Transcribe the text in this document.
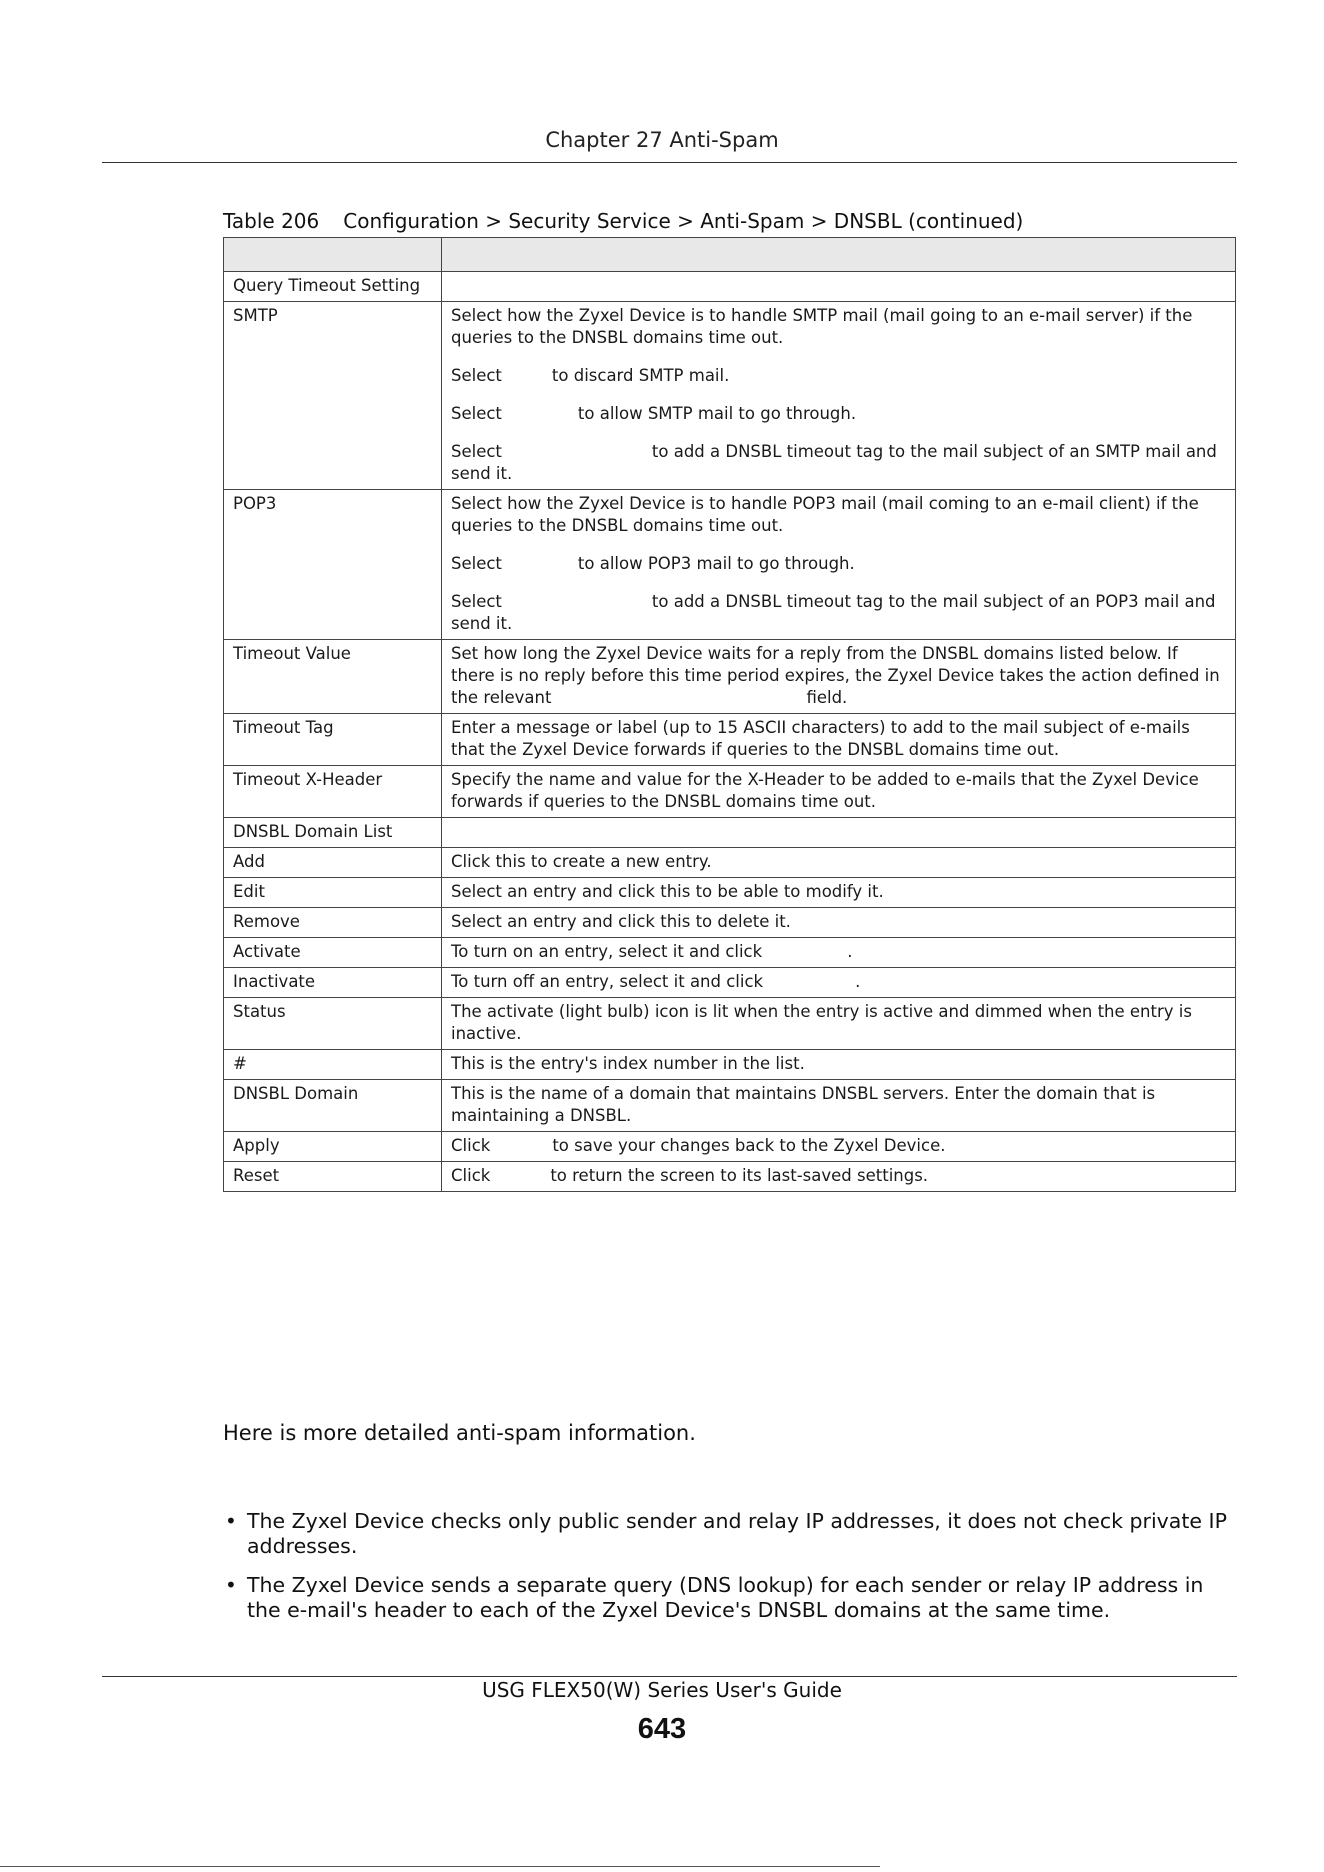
Chapter 27 Anti-Spam
Table 206 Configuration > Security Service > Anti-Spam > DNSBL (continued)

Query Timeout Setting	
SMTP	Select how the Zyxel Device is to handle SMTP mail (mail going to an e-mail server) if the queries to the DNSBL domains time out.

Select to discard SMTP mail.

Select to allow SMTP mail to go through.

Select to add a DNSBL timeout tag to the mail subject of an SMTP mail and send it.

POP3	Select how the Zyxel Device is to handle POP3 mail (mail coming to an e-mail client) if the queries to the DNSBL domains time out.

Select to allow POP3 mail to go through.

Select to add a DNSBL timeout tag to the mail subject of an POP3 mail and send it.

Timeout Value	Set how long the Zyxel Device waits for a reply from the DNSBL domains listed below. If there is no reply before this time period expires, the Zyxel Device takes the action defined in the relevant field.

Timeout Tag	Enter a message or label (up to 15 ASCII characters) to add to the mail subject of e-mails that the Zyxel Device forwards if queries to the DNSBL domains time out.

Timeout X-Header	Specify the name and value for the X-Header to be added to e-mails that the Zyxel Device forwards if queries to the DNSBL domains time out.

DNSBL Domain List	
Add	Click this to create a new entry.

Edit	Select an entry and click this to be able to modify it.

Remove	Select an entry and click this to delete it.

Activate	To turn on an entry, select it and click .

Inactivate	To turn off an entry, select it and click .

Status	The activate (light bulb) icon is lit when the entry is active and dimmed when the entry is inactive.

#	This is the entry's index number in the list.

DNSBL Domain	This is the name of a domain that maintains DNSBL servers. Enter the domain that is maintaining a DNSBL.

Apply	Click to save your changes back to the Zyxel Device.

Reset	Click to return the screen to its last-saved settings.

Here is more detailed anti-spam information.
• The Zyxel Device checks only public sender and relay IP addresses, it does not check private IP addresses.
• The Zyxel Device sends a separate query (DNS lookup) for each sender or relay IP address in the e-mail's header to each of the Zyxel Device's DNSBL domains at the same time.
USG FLEX50(W) Series User's Guide
643
